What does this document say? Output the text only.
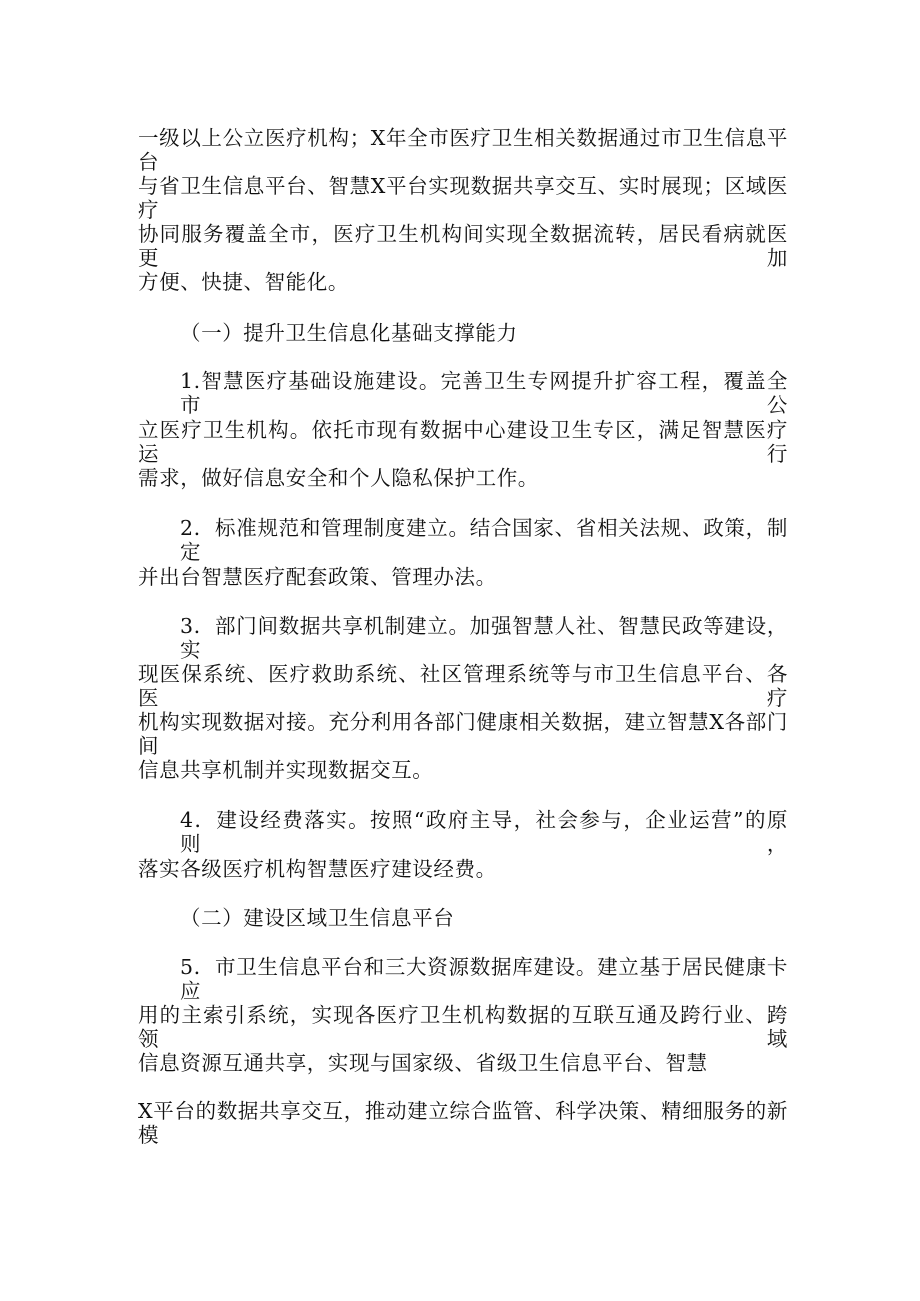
一级以上公立医疗机构；X年全市医疗卫生相关数据通过市卫生信息平台
与省卫生信息平台、智慧X平台实现数据共享交互、实时展现；区域医疗
协同服务覆盖全市，医疗卫生机构间实现全数据流转，居民看病就医更加
方便、快捷、智能化。
（一）提升卫生信息化基础支撑能力
1.智慧医疗基础设施建设。完善卫生专网提升扩容工程，覆盖全市公
立医疗卫生机构。依托市现有数据中心建设卫生专区，满足智慧医疗运行
需求，做好信息安全和个人隐私保护工作。
2．标准规范和管理制度建立。结合国家、省相关法规、政策，制定
并出台智慧医疗配套政策、管理办法。
3．部门间数据共享机制建立。加强智慧人社、智慧民政等建设，实
现医保系统、医疗救助系统、社区管理系统等与市卫生信息平台、各医疗
机构实现数据对接。充分利用各部门健康相关数据，建立智慧X各部门间
信息共享机制并实现数据交互。
4．建设经费落实。按照“政府主导，社会参与，企业运营”的原则，
落实各级医疗机构智慧医疗建设经费。
（二）建设区域卫生信息平台
5．市卫生信息平台和三大资源数据库建设。建立基于居民健康卡应
用的主索引系统，实现各医疗卫生机构数据的互联互通及跨行业、跨领域
信息资源互通共享，实现与国家级、省级卫生信息平台、智慧
X平台的数据共享交互，推动建立综合监管、科学决策、精细服务的新模
